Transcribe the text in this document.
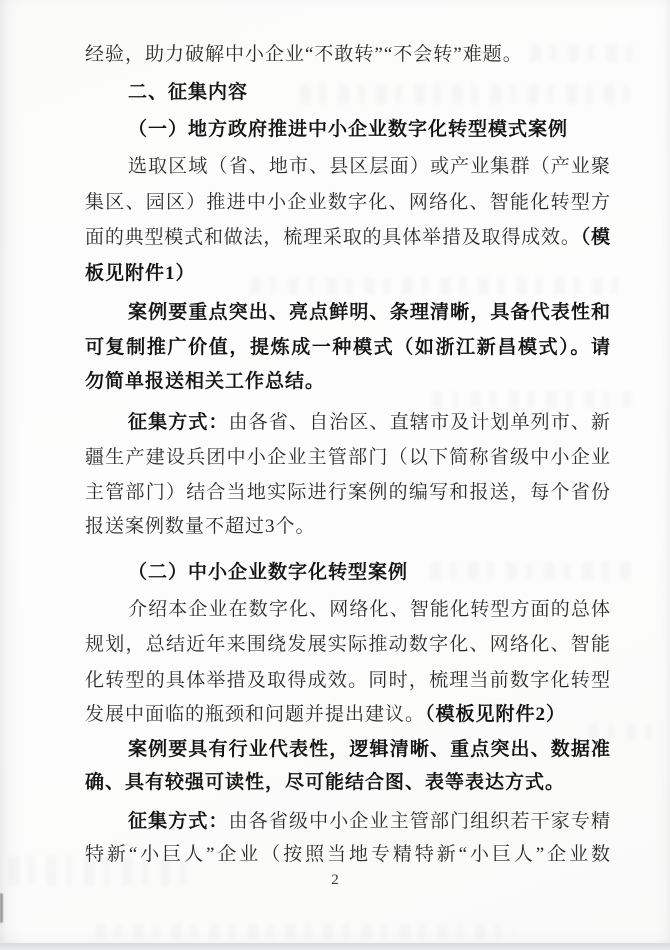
经验，助力破解中小企业“不敢转”“不会转”难题。
二、征集内容
（一）地方政府推进中小企业数字化转型模式案例
选取区域（省、地市、县区层面）或产业集群（产业聚
集区、园区）推进中小企业数字化、网络化、智能化转型方
面的典型模式和做法，梳理采取的具体举措及取得成效。（模
板见附件1）
案例要重点突出、亮点鲜明、条理清晰，具备代表性和
可复制推广价值，提炼成一种模式（如浙江新昌模式）。请
勿简单报送相关工作总结。
征集方式：由各省、自治区、直辖市及计划单列市、新
疆生产建设兵团中小企业主管部门（以下简称省级中小企业
主管部门）结合当地实际进行案例的编写和报送，每个省份
报送案例数量不超过3个。
（二）中小企业数字化转型案例
介绍本企业在数字化、网络化、智能化转型方面的总体
规划，总结近年来围绕发展实际推动数字化、网络化、智能
化转型的具体举措及取得成效。同时，梳理当前数字化转型
发展中面临的瓶颈和问题并提出建议。（模板见附件2）
案例要具有行业代表性，逻辑清晰、重点突出、数据准
确、具有较强可读性，尽可能结合图、表等表达方式。
征集方式：由各省级中小企业主管部门组织若干家专精
特新“小巨人”企业（按照当地专精特新“小巨人”企业数
2
